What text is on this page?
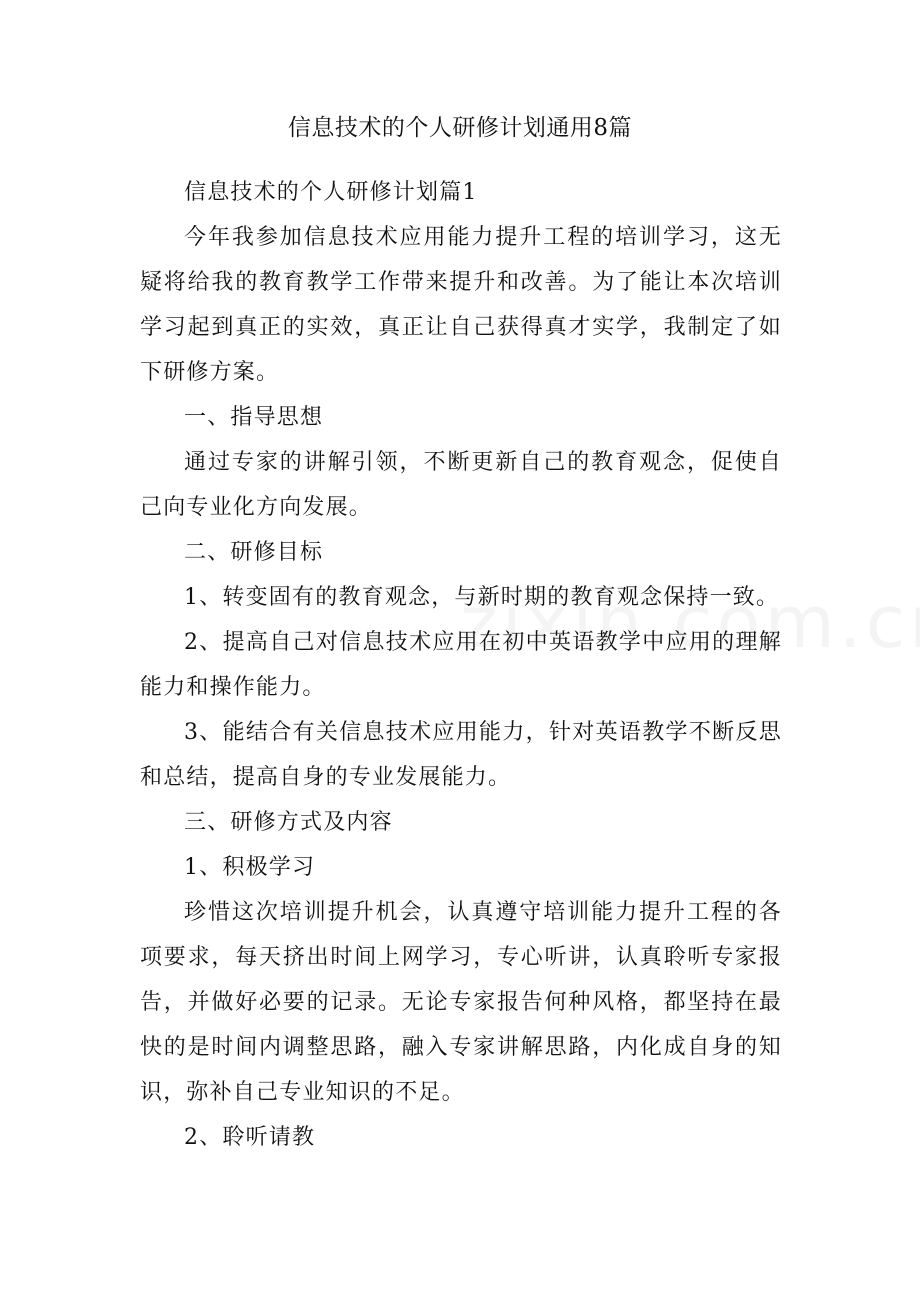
信息技术的个人研修计划通用8篇

信息技术的个人研修计划篇1

今年我参加信息技术应用能力提升工程的培训学习，这无疑将给我的教育教学工作带来提升和改善。为了能让本次培训学习起到真正的实效，真正让自己获得真才实学，我制定了如下研修方案。

一、指导思想

通过专家的讲解引领，不断更新自己的教育观念，促使自己向专业化方向发展。

二、研修目标

1、转变固有的教育观念，与新时期的教育观念保持一致。

2、提高自己对信息技术应用在初中英语教学中应用的理解能力和操作能力。

3、能结合有关信息技术应用能力，针对英语教学不断反思和总结，提高自身的专业发展能力。

三、研修方式及内容

1、积极学习

珍惜这次培训提升机会，认真遵守培训能力提升工程的各项要求，每天挤出时间上网学习，专心听讲，认真聆听专家报告，并做好必要的记录。无论专家报告何种风格，都坚持在最快的是时间内调整思路，融入专家讲解思路，内化成自身的知识，弥补自己专业知识的不足。

2、聆听请教
